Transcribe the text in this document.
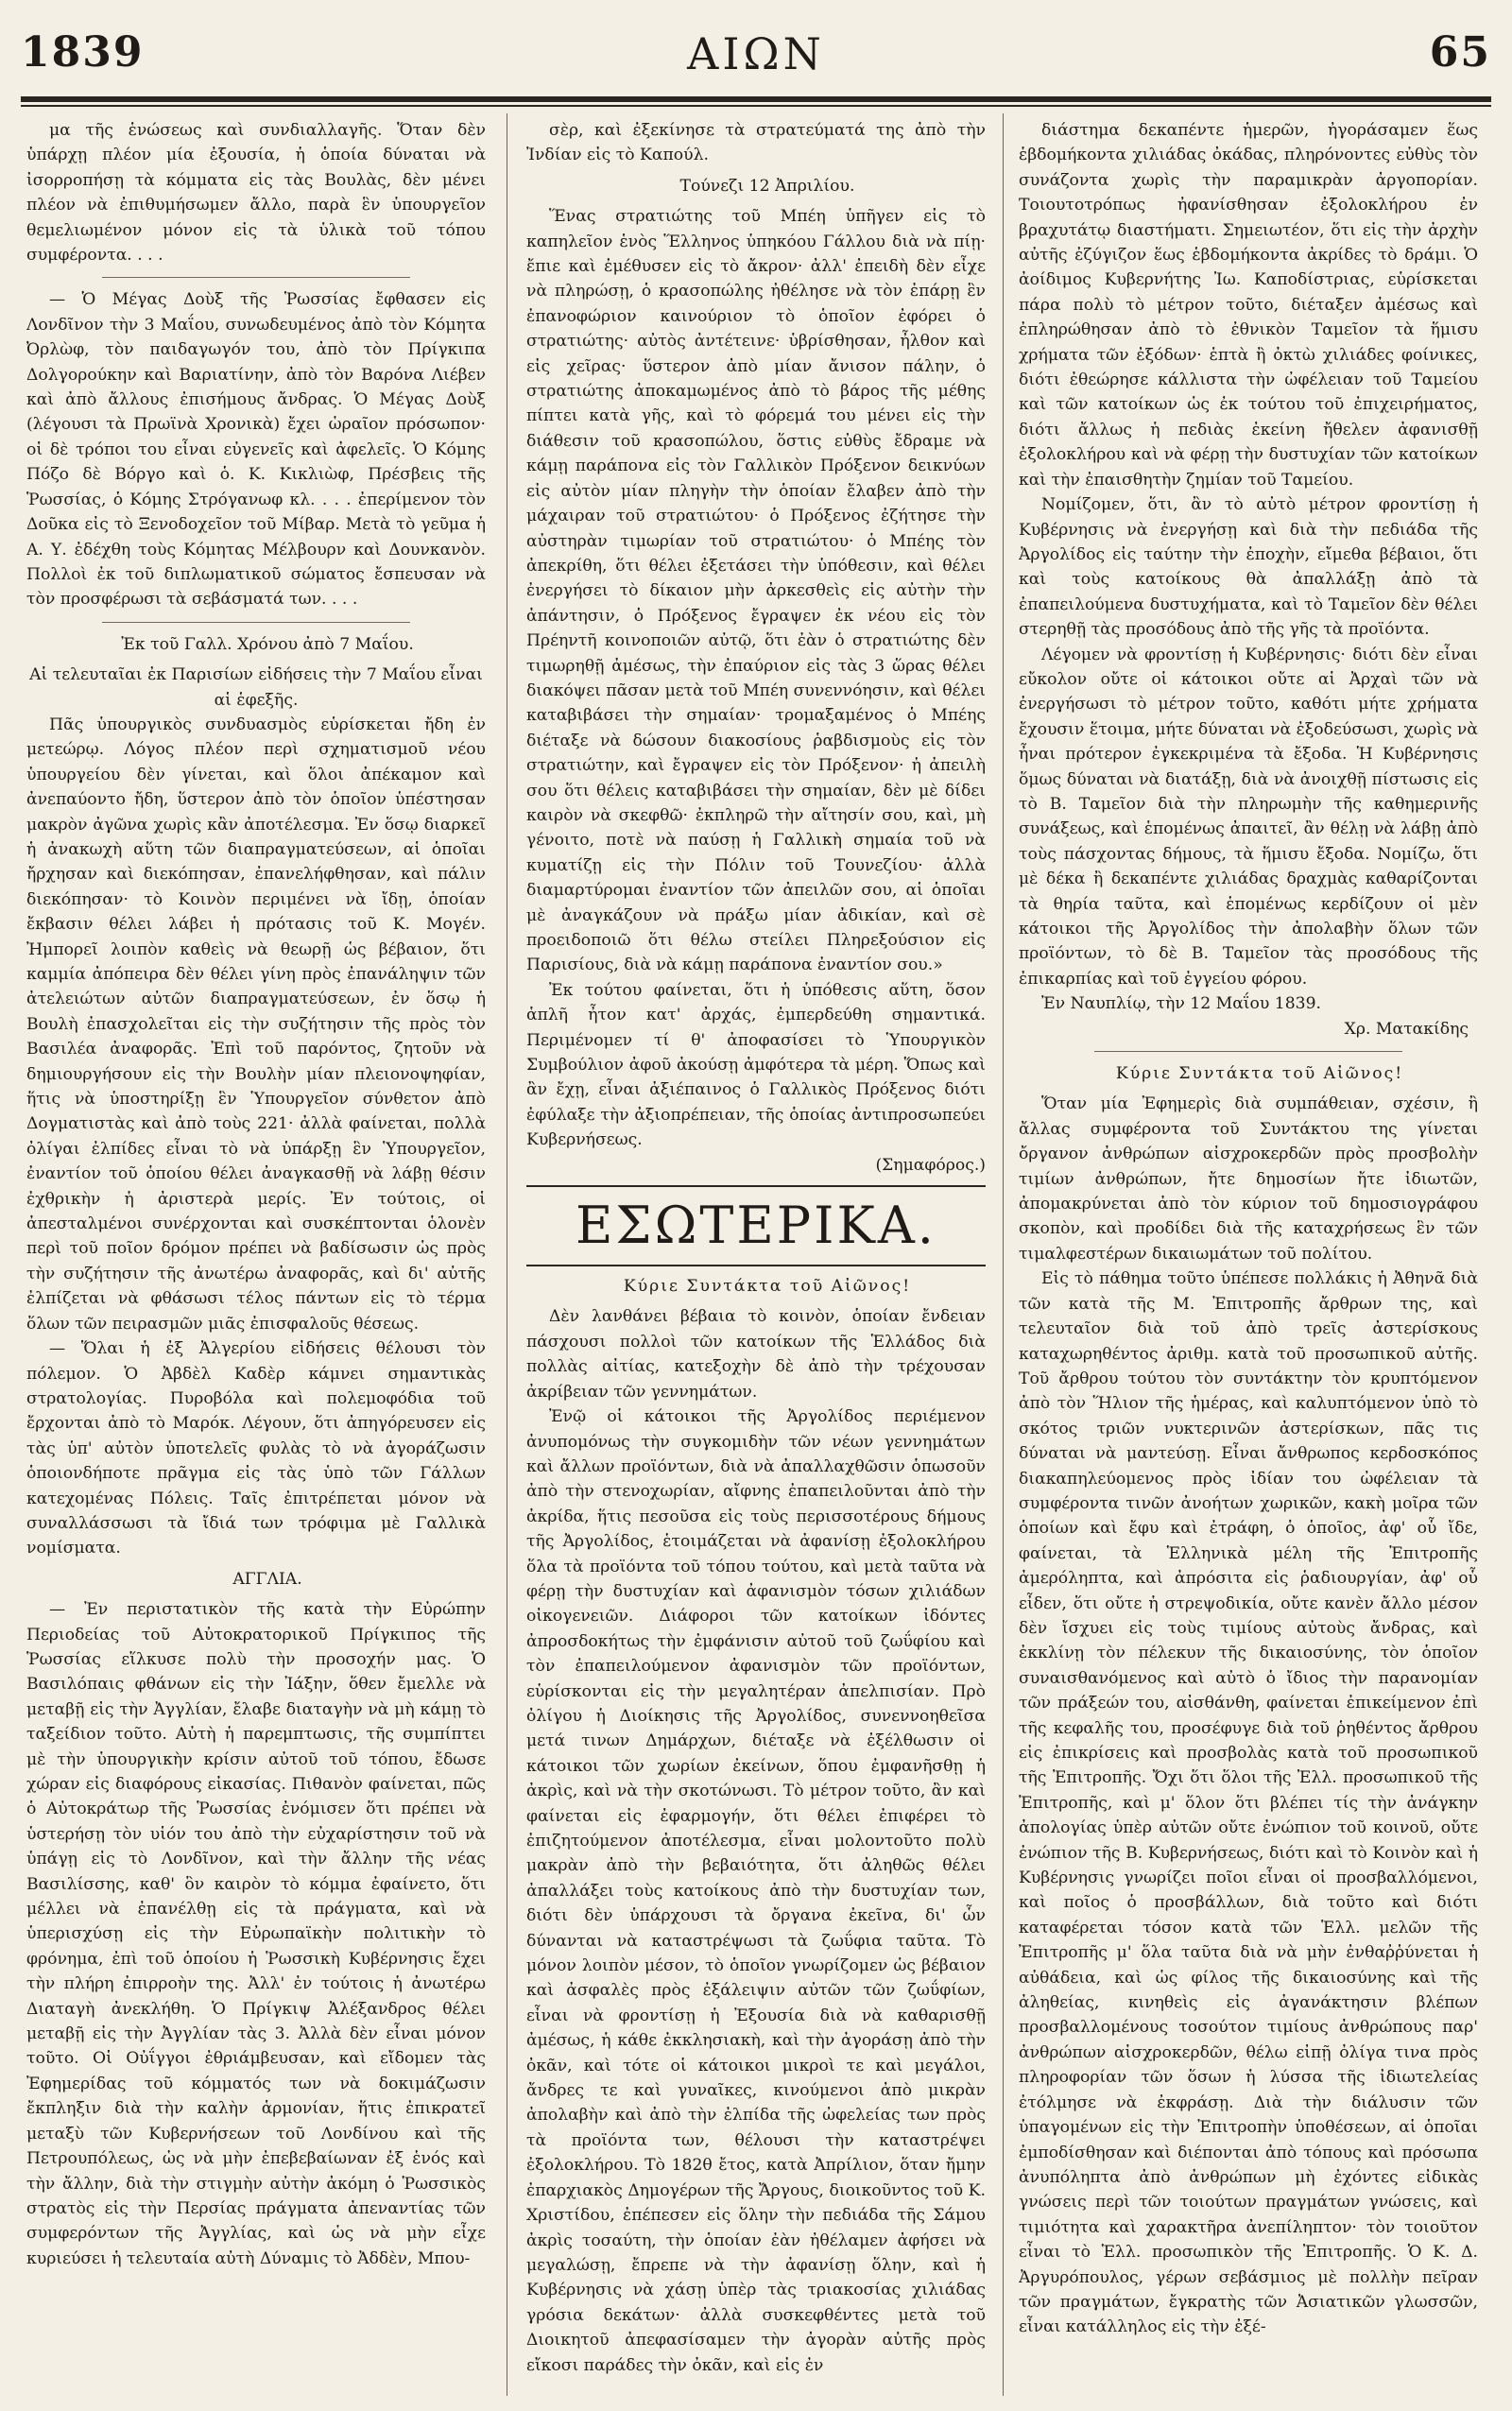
1839	ΑΙΩΝ	65

μα τῆς ἑνώσεως καὶ συνδιαλλαγῆς. Ὅταν δὲν ὑπάρχῃ πλέον μία ἐξουσία, ἡ ὁποία δύναται νὰ ἰσορροπήσῃ τὰ κόμματα εἰς τὰς Βουλὰς, δὲν μένει πλέον νὰ ἐπιθυμήσωμεν ἄλλο, παρὰ ἓν ὑπουργεῖον θεμελιωμένον μόνον εἰς τὰ ὑλικὰ τοῦ τόπου συμφέροντα. . . .

— Ὁ Μέγας Δοὺξ τῆς Ῥωσσίας ἔφθασεν εἰς Λονδῖνον τὴν 3 Μαΐου, συνωδευμένος ἀπὸ τὸν Κόμητα Ὀρλὼφ, τὸν παιδαγωγόν του, ἀπὸ τὸν Πρίγκιπα Δολγορούκην καὶ Βαριατίνην, ἀπὸ τὸν Βαρόνα Λιέβεν καὶ ἀπὸ ἄλλους ἐπισήμους ἄνδρας. Ὁ Μέγας Δοὺξ (λέγουσι τὰ Πρωϊνὰ Χρονικὰ) ἔχει ὡραῖον πρόσωπον· οἱ δὲ τρόποι του εἶναι εὐγενεῖς καὶ ἀφελεῖς. Ὁ Κόμης Πόζο δὲ Βόργο καὶ ὁ. Κ. Κικλιὼφ, Πρέσβεις τῆς Ῥωσσίας, ὁ Κόμης Στρόγανωφ κλ. . . . ἐπερίμενον τὸν Δοῦκα εἰς τὸ Ξενοδοχεῖον τοῦ Μίβαρ. Μετὰ τὸ γεῦμα ἡ Α. Υ. ἐδέχθη τοὺς Κόμητας Μέλβουρν καὶ Δουνκανὸν. Πολλοὶ ἐκ τοῦ διπλωματικοῦ σώματος ἔσπευσαν νὰ τὸν προσφέρωσι τὰ σεβάσματά των. . . .

Ἐκ τοῦ Γαλλ. Χρόνου ἀπὸ 7 Μαΐου.

Αἱ τελευταῖαι ἐκ Παρισίων εἰδήσεις τὴν 7 Μαΐου εἶναι αἱ ἑφεξῆς.

Πᾶς ὑπουργικὸς συνδυασμὸς εὑρίσκεται ἤδη ἐν μετεώρῳ. Λόγος πλέον περὶ σχηματισμοῦ νέου ὑπουργείου δὲν γίνεται, καὶ ὅλοι ἀπέκαμον καὶ ἀνεπαύοντο ἤδη, ὕστερον ἀπὸ τὸν ὁποῖον ὑπέστησαν μακρὸν ἀγῶνα χωρὶς κἂν ἀποτέλεσμα. Ἐν ὅσῳ διαρκεῖ ἡ ἀνακωχὴ αὕτη τῶν διαπραγματεύσεων, αἱ ὁποῖαι ἤρχησαν καὶ διεκόπησαν, ἐπανελήφθησαν, καὶ πάλιν διεκόπησαν· τὸ Κοινὸν περιμένει νὰ ἴδῃ, ὁποίαν ἔκβασιν θέλει λάβει ἡ πρότασις τοῦ Κ. Μογέν. Ἠμπορεῖ λοιπὸν καθεὶς νὰ θεωρῇ ὡς βέβαιον, ὅτι καμμία ἀπόπειρα δὲν θέλει γίνη πρὸς ἐπανάληψιν τῶν ἀτελειώτων αὐτῶν διαπραγματεύσεων, ἐν ὅσῳ ἡ Βουλὴ ἐπασχολεῖται εἰς τὴν συζήτησιν τῆς πρὸς τὸν Βασιλέα ἀναφορᾶς. Ἐπὶ τοῦ παρόντος, ζητοῦν νὰ δημιουργήσουν εἰς τὴν Βουλὴν μίαν πλειονοψηφίαν, ἥτις νὰ ὑποστηρίξῃ ἓν Ὑπουργεῖον σύνθετον ἀπὸ Δογματιστὰς καὶ ἀπὸ τοὺς 221· ἀλλὰ φαίνεται, πολλὰ ὀλίγαι ἐλπίδες εἶναι τὸ νὰ ὑπάρξῃ ἓν Ὑπουργεῖον, ἐναντίον τοῦ ὁποίου θέλει ἀναγκασθῇ νὰ λάβῃ θέσιν ἐχθρικὴν ἡ ἀριστερὰ μερίς. Ἐν τούτοις, οἱ ἀπεσταλμένοι συνέρχονται καὶ συσκέπτονται ὁλονὲν περὶ τοῦ ποῖον δρόμον πρέπει νὰ βαδίσωσιν ὡς πρὸς τὴν συζήτησιν τῆς ἀνωτέρω ἀναφορᾶς, καὶ δι' αὐτῆς ἐλπίζεται νὰ φθάσωσι τέλος πάντων εἰς τὸ τέρμα ὅλων τῶν πειρασμῶν μιᾶς ἐπισφαλοῦς θέσεως.

— Ὅλαι ἡ ἐξ Ἀλγερίου εἰδήσεις θέλουσι τὸν πόλεμον. Ὁ Ἀβδὲλ Καδὲρ κάμνει σημαντικὰς στρατολογίας. Πυροβόλα καὶ πολεμοφόδια τοῦ ἔρχονται ἀπὸ τὸ Μαρόκ. Λέγουν, ὅτι ἀπηγόρευσεν εἰς τὰς ὑπ' αὐτὸν ὑποτελεῖς φυλὰς τὸ νὰ ἀγοράζωσιν ὁποιονδήποτε πρᾶγμα εἰς τὰς ὑπὸ τῶν Γάλλων κατεχομένας Πόλεις. Ταῖς ἐπιτρέπεται μόνον νὰ συναλλάσσωσι τὰ ἴδιά των τρόφιμα μὲ Γαλλικὰ νομίσματα.

ΑΓΓΛΙΑ.

— Ἐν περιστατικὸν τῆς κατὰ τὴν Εὐρώπην Περιοδείας τοῦ Αὐτοκρατορικοῦ Πρίγκιπος τῆς Ῥωσσίας εἵλκυσε πολὺ τὴν προσοχήν μας. Ὁ Βασιλόπαις φθάνων εἰς τὴν Ἰάξην, ὅθεν ἔμελλε νὰ μεταβῇ εἰς τὴν Ἀγγλίαν, ἔλαβε διαταγὴν νὰ μὴ κάμῃ τὸ ταξείδιον τοῦτο. Αὐτὴ ἡ παρεμπτωσις, τῆς συμπίπτει μὲ τὴν ὑπουργικὴν κρίσιν αὐτοῦ τοῦ τόπου, ἔδωσε χώραν εἰς διαφόρους εἰκασίας. Πιθανὸν φαίνεται, πῶς ὁ Αὐτοκράτωρ τῆς Ῥωσσίας ἐνόμισεν ὅτι πρέπει νὰ ὑστερήσῃ τὸν υἱόν του ἀπὸ τὴν εὐχαρίστησιν τοῦ νὰ ὑπάγῃ εἰς τὸ Λονδῖνον, καὶ τὴν ἄλλην τῆς νέας Βασιλίσσης, καθ' ὃν καιρὸν τὸ κόμμα ἐφαίνετο, ὅτι μέλλει νὰ ἐπανέλθῃ εἰς τὰ πράγματα, καὶ νὰ ὑπερισχύσῃ εἰς τὴν Εὐρωπαϊκὴν πολιτικὴν τὸ φρόνημα, ἐπὶ τοῦ ὁποίου ἡ Ῥωσσικὴ Κυβέρνησις ἔχει τὴν πλήρη ἐπιρροὴν της. Ἀλλ' ἐν τούτοις ἡ ἀνωτέρω Διαταγὴ ἀνεκλήθη. Ὁ Πρίγκιψ Ἀλέξανδρος θέλει μεταβῇ εἰς τὴν Ἀγγλίαν τὰς 3. Ἀλλὰ δὲν εἶναι μόνον τοῦτο. Οἱ Οὐΐγγοι ἐθριάμβευσαν, καὶ εἴδομεν τὰς Ἐφημερίδας τοῦ κόμματός των νὰ δοκιμάζωσιν ἔκπληξιν διὰ τὴν καλὴν ἁρμονίαν, ἥτις ἐπικρατεῖ μεταξὺ τῶν Κυβερνήσεων τοῦ Λονδίνου καὶ τῆς Πετρουπόλεως, ὡς νὰ μὴν ἐπεβεβαίωναν ἐξ ἑνός καὶ τὴν ἄλλην, διὰ τὴν στιγμὴν αὐτὴν ἀκόμη ὁ Ῥωσσικὸς στρατὸς εἰς τὴν Περσίας πράγματα ἀπεναντίας τῶν συμφερόντων τῆς Ἀγγλίας, καὶ ὡς νὰ μὴν εἶχε κυριεύσει ἡ τελευταία αὐτὴ Δύναμις τὸ Ἀδδὲν, Μπου-

σὲρ, καὶ ἐξεκίνησε τὰ στρατεύματά της ἀπὸ τὴν Ἰνδίαν εἰς τὸ Καπούλ.

Τούνεζι 12 Ἀπριλίου.

Ἕνας στρατιώτης τοῦ Μπέη ὑπῆγεν εἰς τὸ καπηλεῖον ἑνὸς Ἕλληνος ὑπηκόου Γάλλου διὰ νὰ πίῃ· ἔπιε καὶ ἐμέθυσεν εἰς τὸ ἄκρον· ἀλλ' ἐπειδὴ δὲν εἶχε νὰ πληρώσῃ, ὁ κρασοπώλης ἠθέλησε νὰ τὸν ἐπάρῃ ἓν ἐπανοφώριον καινούριον τὸ ὁποῖον ἐφόρει ὁ στρατιώτης· αὐτὸς ἀντέτεινε· ὑβρίσθησαν, ἦλθον καὶ εἰς χεῖρας· ὕστερον ἀπὸ μίαν ἄνισον πάλην, ὁ στρατιώτης ἀποκαμωμένος ἀπὸ τὸ βάρος τῆς μέθης πίπτει κατὰ γῆς, καὶ τὸ φόρεμά του μένει εἰς τὴν διάθεσιν τοῦ κρασοπώλου, ὅστις εὐθὺς ἔδραμε νὰ κάμῃ παράπονα εἰς τὸν Γαλλικὸν Πρόξενον δεικνύων εἰς αὐτὸν μίαν πληγὴν τὴν ὁποίαν ἔλαβεν ἀπὸ τὴν μάχαιραν τοῦ στρατιώτου· ὁ Πρόξενος ἐζήτησε τὴν αὐστηρὰν τιμωρίαν τοῦ στρατιώτου· ὁ Μπέης τὸν ἀπεκρίθη, ὅτι θέλει ἐξετάσει τὴν ὑπόθεσιν, καὶ θέλει ἐνεργήσει τὸ δίκαιον μὴν ἀρκεσθεὶς εἰς αὐτὴν τὴν ἀπάντησιν, ὁ Πρόξενος ἔγραψεν ἐκ νέου εἰς τὸν Πρέηντῆ κοινοποιῶν αὐτῷ, ὅτι ἐὰν ὁ στρατιώτης δὲν τιμωρηθῇ ἀμέσως, τὴν ἐπαύριον εἰς τὰς 3 ὥρας θέλει διακόψει πᾶσαν μετὰ τοῦ Μπέη συνεννόησιν, καὶ θέλει καταβιβάσει τὴν σημαίαν· τρομαξαμένος ὁ Μπέης διέταξε νὰ δώσουν διακοσίους ῥαβδισμοὺς εἰς τὸν στρατιώτην, καὶ ἔγραψεν εἰς τὸν Πρόξενον· ἡ ἀπειλὴ σου ὅτι θέλεις καταβιβάσει τὴν σημαίαν, δὲν μὲ δίδει καιρὸν νὰ σκεφθῶ· ἐκπληρῶ τὴν αἴτησίν σου, καὶ, μὴ γένοιτο, ποτὲ νὰ παύσῃ ἡ Γαλλικὴ σημαία τοῦ νὰ κυματίζῃ εἰς τὴν Πόλιν τοῦ Τουνεζίου· ἀλλὰ διαμαρτύρομαι ἐναντίον τῶν ἀπειλῶν σου, αἱ ὁποῖαι μὲ ἀναγκάζουν νὰ πράξω μίαν ἀδικίαν, καὶ σὲ προειδοποιῶ ὅτι θέλω στείλει Πληρεξούσιον εἰς Παρισίους, διὰ νὰ κάμῃ παράπονα ἐναντίον σου.»

Ἐκ τούτου φαίνεται, ὅτι ἡ ὑπόθεσις αὕτη, ὅσον ἁπλῆ ἦτον κατ' ἀρχάς, ἐμπερδεύθη σημαντικά. Περιμένομεν τί θ' ἀποφασίσει τὸ Ὑπουργικὸν Συμβούλιον ἀφοῦ ἀκούσῃ ἀμφότερα τὰ μέρη. Ὅπως καὶ ἂν ἔχῃ, εἶναι ἀξιέπαινος ὁ Γαλλικὸς Πρόξενος διότι ἐφύλαξε τὴν ἀξιοπρέπειαν, τῆς ὁποίας ἀντιπροσωπεύει Κυβερνήσεως.

(Σημαφόρος.)

ΕΣΩΤΕΡΙΚΑ.

Κύριε Συντάκτα τοῦ Αἰῶνος!

Δὲν λανθάνει βέβαια τὸ κοινὸν, ὁποίαν ἔνδειαν πάσχουσι πολλοὶ τῶν κατοίκων τῆς Ἑλλάδος διὰ πολλὰς αἰτίας, κατεξοχὴν δὲ ἀπὸ τὴν τρέχουσαν ἀκρίβειαν τῶν γεννημάτων.

Ἐνῷ οἱ κάτοικοι τῆς Ἀργολίδος περιέμενον ἀνυπομόνως τὴν συγκομιδὴν τῶν νέων γεννημάτων καὶ ἄλλων προϊόντων, διὰ νὰ ἀπαλλαχθῶσιν ὁπωσοῦν ἀπὸ τὴν στενοχωρίαν, αἴφνης ἐπαπειλοῦνται ἀπὸ τὴν ἀκρίδα, ἥτις πεσοῦσα εἰς τοὺς περισσοτέρους δήμους τῆς Ἀργολίδος, ἑτοιμάζεται νὰ ἀφανίσῃ ἐξολοκλήρου ὅλα τὰ προϊόντα τοῦ τόπου τούτου, καὶ μετὰ ταῦτα νὰ φέρῃ τὴν δυστυχίαν καὶ ἀφανισμὸν τόσων χιλιάδων οἰκογενειῶν. Διάφοροι τῶν κατοίκων ἰδόντες ἀπροσδοκήτως τὴν ἐμφάνισιν αὐτοῦ τοῦ ζωΰφίου καὶ τὸν ἐπαπειλούμενον ἀφανισμὸν τῶν προϊόντων, εὑρίσκονται εἰς τὴν μεγαλητέραν ἀπελπισίαν. Πρὸ ὀλίγου ἡ Διοίκησις τῆς Ἀργολίδος, συνεννοηθεῖσα μετά τινων Δημάρχων, διέταξε νὰ ἐξέλθωσιν οἱ κάτοικοι τῶν χωρίων ἐκείνων, ὅπου ἐμφανῆσθῃ ἡ ἀκρὶς, καὶ νὰ τὴν σκοτώνωσι. Τὸ μέτρον τοῦτο, ἂν καὶ φαίνεται εἰς ἐφαρμογήν, ὅτι θέλει ἐπιφέρει τὸ ἐπιζητούμενον ἀποτέλεσμα, εἶναι μολοντοῦτο πολὺ μακρὰν ἀπὸ τὴν βεβαιότητα, ὅτι ἀληθῶς θέλει ἀπαλλάξει τοὺς κατοίκους ἀπὸ τὴν δυστυχίαν των, διότι δὲν ὑπάρχουσι τὰ ὄργανα ἐκεῖνα, δι' ὧν δύνανται νὰ καταστρέψωσι τὰ ζωΰφια ταῦτα. Τὸ μόνον λοιπὸν μέσον, τὸ ὁποῖον γνωρίζομεν ὡς βέβαιον καὶ ἀσφαλὲς πρὸς ἐξάλειψιν αὐτῶν τῶν ζωΰφίων, εἶναι νὰ φροντίσῃ ἡ Ἐξουσία διὰ νὰ καθαρισθῇ ἀμέσως, ἡ κάθε ἐκκλησιακὴ, καὶ τὴν ἀγοράσῃ ἀπὸ τὴν ὀκᾶν, καὶ τότε οἱ κάτοικοι μικροὶ τε καὶ μεγάλοι, ἄνδρες τε καὶ γυναῖκες, κινούμενοι ἀπὸ μικρὰν ἀπολαβὴν καὶ ἀπὸ τὴν ἐλπίδα τῆς ὠφελείας των πρὸς τὰ προϊόντα των, θέλουσι τὴν καταστρέψει ἐξολοκλήρου. Τὸ 182θ ἔτος, κατὰ Ἀπρίλιον, ὅταν ἤμην ἐπαρχιακὸς Δημογέρων τῆς Ἄργους, διοικοῦντος τοῦ Κ. Χριστίδου, ἐπέπεσεν εἰς ὅλην τὴν πεδιάδα τῆς Σάμου ἀκρὶς τοσαύτη, τὴν ὁποίαν ἐὰν ἠθέλαμεν ἀφήσει νὰ μεγαλώσῃ, ἔπρεπε νὰ τὴν ἀφανίσῃ ὅλην, καὶ ἡ Κυβέρνησις νὰ χάσῃ ὑπὲρ τὰς τριακοσίας χιλιάδας γρόσια δεκάτων· ἀλλὰ συσκεφθέντες μετὰ τοῦ Διοικητοῦ ἀπεφασίσαμεν τὴν ἀγορὰν αὐτῆς πρὸς εἴκοσι παράδες τὴν ὀκᾶν, καὶ εἰς ἐν

διάστημα δεκαπέντε ἡμερῶν, ἠγοράσαμεν ἕως ἑβδομήκοντα χιλιάδας ὀκάδας, πληρόνοντες εὐθὺς τὸν συνάζοντα χωρὶς τὴν παραμικρὰν ἀργοπορίαν. Τοιουτοτρόπως ἠφανίσθησαν ἐξολοκλήρου ἐν βραχυτάτῳ διαστήματι. Σημειωτέον, ὅτι εἰς τὴν ἀρχὴν αὐτῆς ἐζύγιζον ἕως ἑβδομήκοντα ἀκρίδες τὸ δράμι. Ὁ ἀοίδιμος Κυβερνήτης Ἰω. Καποδίστριας, εὑρίσκεται πάρα πολὺ τὸ μέτρον τοῦτο, διέταξεν ἀμέσως καὶ ἐπληρώθησαν ἀπὸ τὸ ἐθνικὸν Ταμεῖον τὰ ἥμισυ χρήματα τῶν ἐξόδων· ἑπτὰ ἢ ὀκτὼ χιλιάδες φοίνικες, διότι ἐθεώρησε κάλλιστα τὴν ὠφέλειαν τοῦ Ταμείου καὶ τῶν κατοίκων ὡς ἐκ τούτου τοῦ ἐπιχειρήματος, διότι ἄλλως ἡ πεδιὰς ἐκείνη ἤθελεν ἀφανισθῇ ἐξολοκλήρου καὶ νὰ φέρῃ τὴν δυστυχίαν τῶν κατοίκων καὶ τὴν ἐπαισθητὴν ζημίαν τοῦ Ταμείου.

Νομίζομεν, ὅτι, ἂν τὸ αὐτὸ μέτρον φροντίσῃ ἡ Κυβέρνησις νὰ ἐνεργήσῃ καὶ διὰ τὴν πεδιάδα τῆς Ἀργολίδος εἰς ταύτην τὴν ἐποχὴν, εἴμεθα βέβαιοι, ὅτι καὶ τοὺς κατοίκους θὰ ἀπαλλάξῃ ἀπὸ τὰ ἐπαπειλούμενα δυστυχήματα, καὶ τὸ Ταμεῖον δὲν θέλει στερηθῇ τὰς προσόδους ἀπὸ τῆς γῆς τὰ προϊόντα.

Λέγομεν νὰ φροντίσῃ ἡ Κυβέρνησις· διότι δὲν εἶναι εὔκολον οὔτε οἱ κάτοικοι οὔτε αἱ Ἀρχαὶ τῶν νὰ ἐνεργήσωσι τὸ μέτρον τοῦτο, καθότι μήτε χρήματα ἔχουσιν ἕτοιμα, μήτε δύναται νὰ ἐξοδεύσωσι, χωρὶς νὰ ἦναι πρότερον ἐγκεκριμένα τὰ ἔξοδα. Ἡ Κυβέρνησις ὅμως δύναται νὰ διατάξῃ, διὰ νὰ ἀνοιχθῇ πίστωσις εἰς τὸ Β. Ταμεῖον διὰ τὴν πληρωμὴν τῆς καθημερινῆς συνάξεως, καὶ ἑπομένως ἀπαιτεῖ, ἂν θέλῃ νὰ λάβῃ ἀπὸ τοὺς πάσχοντας δήμους, τὰ ἥμισυ ἔξοδα. Νομίζω, ὅτι μὲ δέκα ἢ δεκαπέντε χιλιάδας δραχμὰς καθαρίζονται τὰ θηρία ταῦτα, καὶ ἑπομένως κερδίζουν οἱ μὲν κάτοικοι τῆς Ἀργολίδος τὴν ἀπολαβὴν ὅλων τῶν προϊόντων, τὸ δὲ Β. Ταμεῖον τὰς προσόδους τῆς ἐπικαρπίας καὶ τοῦ ἐγγείου φόρου.

Ἐν Ναυπλίῳ, τὴν 12 Μαΐου 1839.

Χρ. Ματακίδης

Κύριε Συντάκτα τοῦ Αἰῶνος!

Ὅταν μία Ἐφημερὶς διὰ συμπάθειαν, σχέσιν, ἢ ἄλλας συμφέροντα τοῦ Συντάκτου της γίνεται ὄργανον ἀνθρώπων αἰσχροκερδῶν πρὸς προσβολὴν τιμίων ἀνθρώπων, ἤτε δημοσίων ἤτε ἰδιωτῶν, ἀπομακρύνεται ἀπὸ τὸν κύριον τοῦ δημοσιογράφου σκοπὸν, καὶ προδίδει διὰ τῆς καταχρήσεως ἓν τῶν τιμαλφεστέρων δικαιωμάτων τοῦ πολίτου.

Εἰς τὸ πάθημα τοῦτο ὑπέπεσε πολλάκις ἡ Ἀθηνᾶ διὰ τῶν κατὰ τῆς Μ. Ἐπιτροπῆς ἄρθρων της, καὶ τελευταῖον διὰ τοῦ ἀπὸ τρεῖς ἀστερίσκους καταχωρηθέντος ἀριθμ. κατὰ τοῦ προσωπικοῦ αὐτῆς. Τοῦ ἄρθρου τούτου τὸν συντάκτην τὸν κρυπτόμενον ἀπὸ τὸν Ἥλιον τῆς ἡμέρας, καὶ καλυπτόμενον ὑπὸ τὸ σκότος τριῶν νυκτερινῶν ἀστερίσκων, πᾶς τις δύναται νὰ μαντεύσῃ. Εἶναι ἄνθρωπος κερδοσκόπος διακαπηλεύομενος πρὸς ἰδίαν του ὠφέλειαν τὰ συμφέροντα τινῶν ἀνοήτων χωρικῶν, κακὴ μοῖρα τῶν ὁποίων καὶ ἔφυ καὶ ἐτράφη, ὁ ὁποῖος, ἀφ' οὗ ἴδε, φαίνεται, τὰ Ἑλληνικὰ μέλη τῆς Ἐπιτροπῆς ἀμερόληπτα, καὶ ἀπρόσιτα εἰς ῥαδιουργίαν, ἀφ' οὗ εἶδεν, ὅτι οὔτε ἡ στρεψοδικία, οὔτε κανὲν ἄλλο μέσον δὲν ἴσχυει εἰς τοὺς τιμίους αὐτοὺς ἄνδρας, καὶ ἐκκλίνῃ τὸν πέλεκυν τῆς δικαιοσύνης, τὸν ὁποῖον συναισθανόμενος καὶ αὐτὸ ὁ ἴδιος τὴν παρανομίαν τῶν πράξεών του, αἰσθάνθη, φαίνεται ἐπικείμενον ἐπὶ τῆς κεφαλῆς του, προσέφυγε διὰ τοῦ ῥηθέντος ἄρθρου εἰς ἐπικρίσεις καὶ προσβολὰς κατὰ τοῦ προσωπικοῦ τῆς Ἐπιτροπῆς. Ὄχι ὅτι ὅλοι τῆς Ἐλλ. προσωπικοῦ τῆς Ἐπιτροπῆς, καὶ μ' ὅλον ὅτι βλέπει τίς τὴν ἀνάγκην ἀπολογίας ὑπὲρ αὐτῶν οὔτε ἐνώπιον τοῦ κοινοῦ, οὔτε ἐνώπιον τῆς Β. Κυβερνήσεως, διότι καὶ τὸ Κοινὸν καὶ ἡ Κυβέρνησις γνωρίζει ποῖοι εἶναι οἱ προσβαλλόμενοι, καὶ ποῖος ὁ προσβάλλων, διὰ τοῦτο καὶ διότι καταφέρεται τόσον κατὰ τῶν Ἑλλ. μελῶν τῆς Ἐπιτροπῆς μ' ὅλα ταῦτα διὰ νὰ μὴν ἐνθαῤῥύνεται ἡ αὐθάδεια, καὶ ὡς φίλος τῆς δικαιοσύνης καὶ τῆς ἀληθείας, κινηθεὶς εἰς ἀγανάκτησιν βλέπων προσβαλλομένους τοσούτον τιμίους ἀνθρώπους παρ' ἀνθρώπων αἰσχροκερδῶν, θέλω εἰπῇ ὀλίγα τινα πρὸς πληροφορίαν τῶν ὅσων ἡ λύσσα τῆς ἰδιωτελείας ἐτόλμησε νὰ ἐκφράσῃ. Διὰ τὴν διάλυσιν τῶν ὑπαγομένων εἰς τὴν Ἐπιτροπὴν ὑποθέσεων, αἱ ὁποῖαι ἐμποδίσθησαν καὶ διέπονται ἀπὸ τόπους καὶ πρόσωπα ἀνυπόληπτα ἀπὸ ἀνθρώπων μὴ ἐχόντες εἰδικὰς γνώσεις περὶ τῶν τοιούτων πραγμάτων γνώσεις, καὶ τιμιότητα καὶ χαρακτῆρα ἀνεπίληπτον· τὸν τοιοῦτον εἶναι τὸ Ἑλλ. προσωπικὸν τῆς Ἐπιτροπῆς. Ὁ Κ. Δ. Ἀργυρόπουλος, γέρων σεβάσμιος μὲ πολλὴν πεῖραν τῶν πραγμάτων, ἔγκρατὴς τῶν Ἀσιατικῶν γλωσσῶν, εἶναι κατάλληλος εἰς τὴν ἐξέ-
